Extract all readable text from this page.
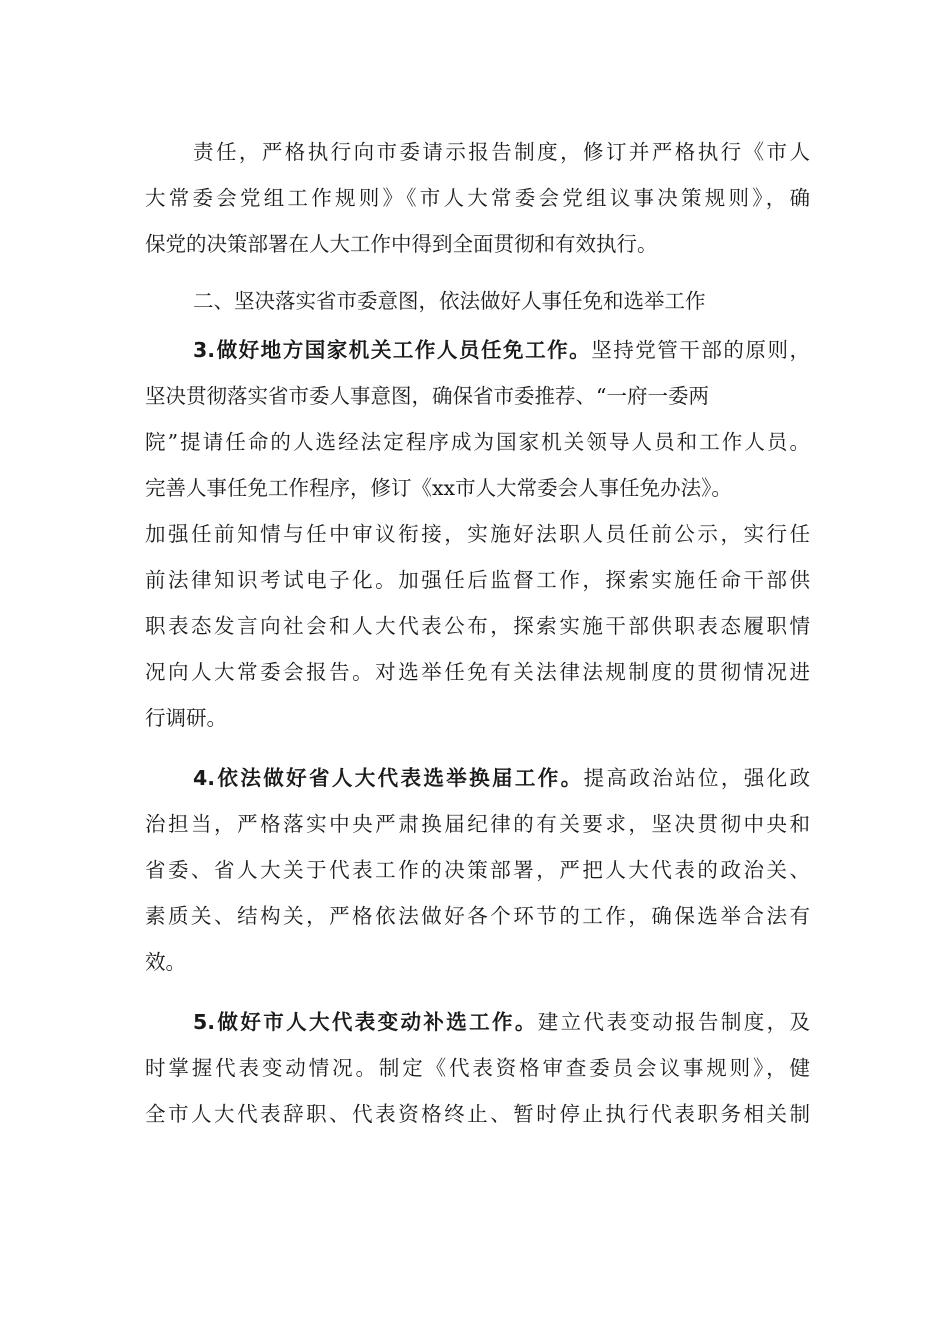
责任，严格执行向市委请示报告制度，修订并严格执行《市人
大常委会党组工作规则》《市人大常委会党组议事决策规则》，确
保党的决策部署在人大工作中得到全面贯彻和有效执行。
二、坚决落实省市委意图，依法做好人事任免和选举工作
3.做好地方国家机关工作人员任免工作。坚持党管干部的原则，
坚决贯彻落实省市委人事意图，确保省市委推荐、“一府一委两
院”提请任命的人选经法定程序成为国家机关领导人员和工作人员。
完善人事任免工作程序，修订《xx市人大常委会人事任免办法》。
加强任前知情与任中审议衔接，实施好法职人员任前公示，实行任
前法律知识考试电子化。加强任后监督工作，探索实施任命干部供
职表态发言向社会和人大代表公布，探索实施干部供职表态履职情
况向人大常委会报告。对选举任免有关法律法规制度的贯彻情况进
行调研。
4.依法做好省人大代表选举换届工作。提高政治站位，强化政
治担当，严格落实中央严肃换届纪律的有关要求，坚决贯彻中央和
省委、省人大关于代表工作的决策部署，严把人大代表的政治关、
素质关、结构关，严格依法做好各个环节的工作，确保选举合法有
效。
5.做好市人大代表变动补选工作。建立代表变动报告制度，及
时掌握代表变动情况。制定《代表资格审查委员会议事规则》，健
全市人大代表辞职、代表资格终止、暂时停止执行代表职务相关制
